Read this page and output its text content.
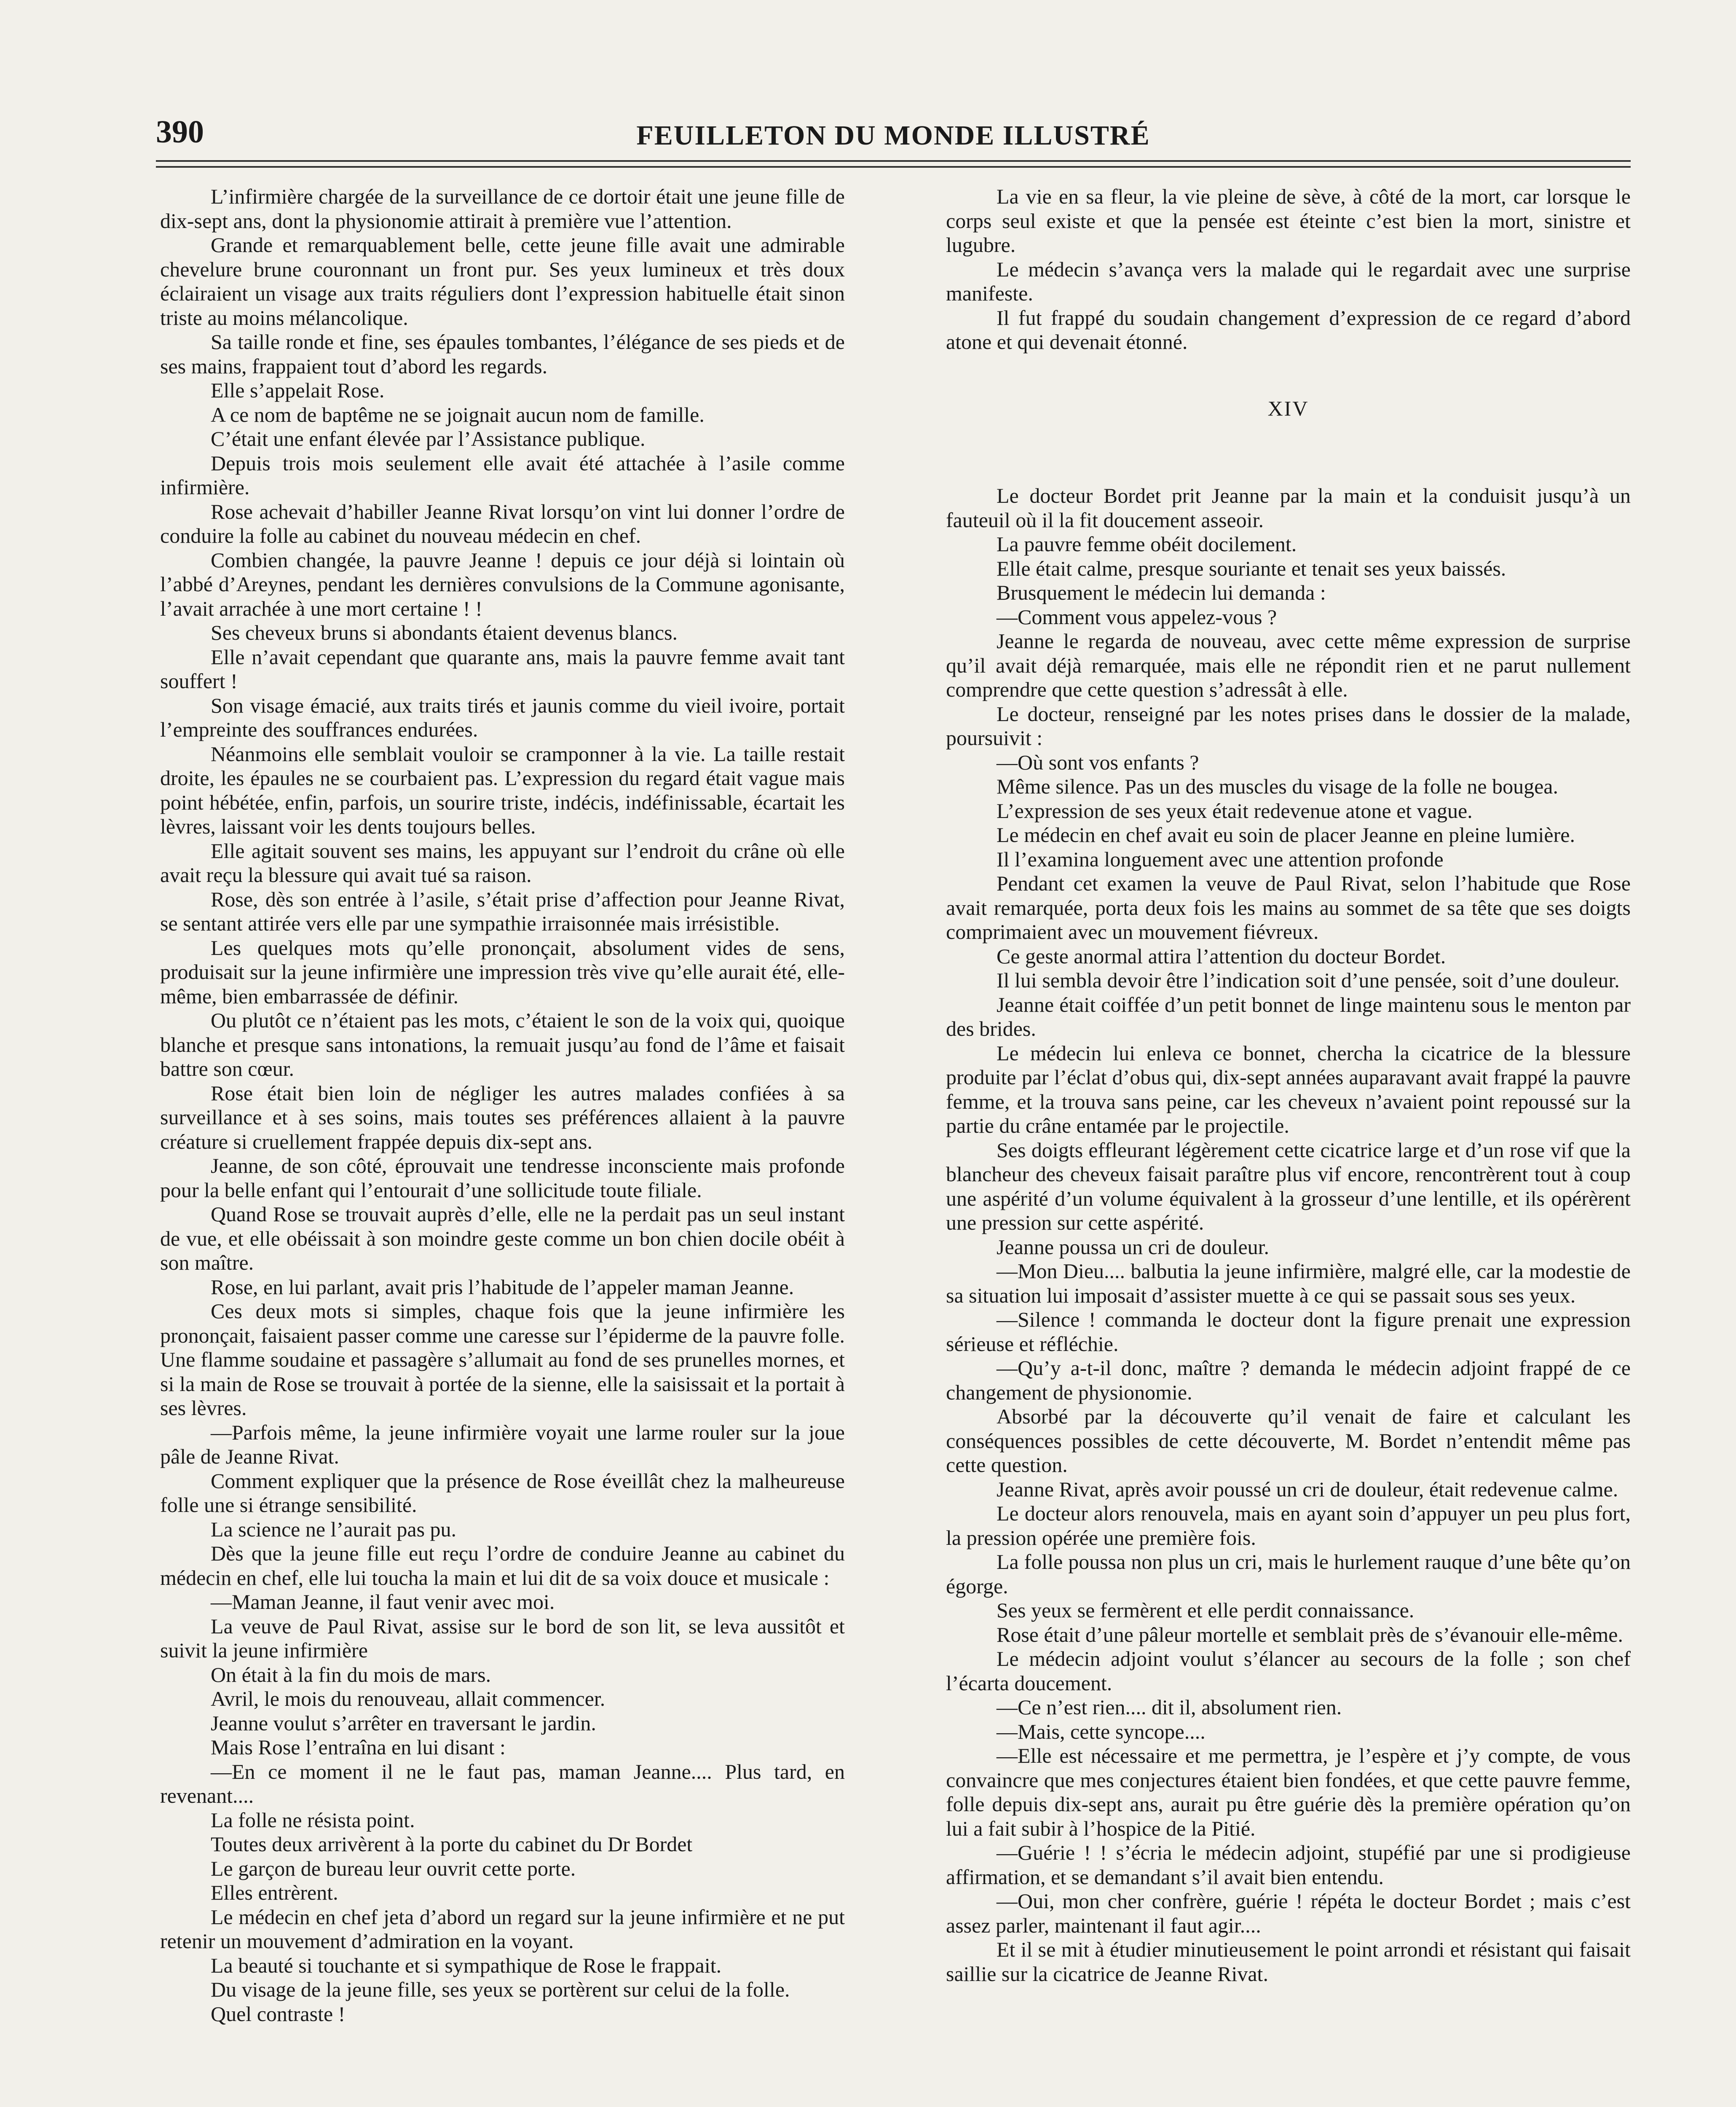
390	FEUILLETON DU MONDE ILLUSTRÉ

L’infirmière chargée de la surveillance de ce dortoir était une jeune fille de dix-sept ans, dont la physionomie attirait à première vue l’attention.

Grande et remarquablement belle, cette jeune fille avait une admirable chevelure brune couronnant un front pur. Ses yeux lumineux et très doux éclairaient un visage aux traits réguliers dont l’expression habituelle était sinon triste au moins mélancolique.

Sa taille ronde et fine, ses épaules tombantes, l’élégance de ses pieds et de ses mains, frappaient tout d’abord les regards.

Elle s’appelait Rose.

A ce nom de baptême ne se joignait aucun nom de famille.

C’était une enfant élevée par l’Assistance publique.

Depuis trois mois seulement elle avait été attachée à l’asile comme infirmière.

Rose achevait d’habiller Jeanne Rivat lorsqu’on vint lui donner l’ordre de conduire la folle au cabinet du nouveau médecin en chef.

Combien changée, la pauvre Jeanne ! depuis ce jour déjà si lointain où l’abbé d’Areynes, pendant les dernières convulsions de la Commune agonisante, l’avait arrachée à une mort certaine ! !

Ses cheveux bruns si abondants étaient devenus blancs.

Elle n’avait cependant que quarante ans, mais la pauvre femme avait tant souffert !

Son visage émacié, aux traits tirés et jaunis comme du vieil ivoire, portait l’empreinte des souffrances endurées.

Néanmoins elle semblait vouloir se cramponner à la vie. La taille restait droite, les épaules ne se courbaient pas. L’expression du regard était vague mais point hébétée, enfin, parfois, un sourire triste, indécis, indéfinissable, écartait les lèvres, laissant voir les dents toujours belles.

Elle agitait souvent ses mains, les appuyant sur l’endroit du crâne où elle avait reçu la blessure qui avait tué sa raison.

Rose, dès son entrée à l’asile, s’était prise d’affection pour Jeanne Rivat, se sentant attirée vers elle par une sympathie irraisonnée mais irrésistible.

Les quelques mots qu’elle prononçait, absolument vides de sens, produisait sur la jeune infirmière une impression très vive qu’elle aurait été, elle-même, bien embarrassée de définir.

Ou plutôt ce n’étaient pas les mots, c’étaient le son de la voix qui, quoique blanche et presque sans intonations, la remuait jusqu’au fond de l’âme et faisait battre son cœur.

Rose était bien loin de négliger les autres malades confiées à sa surveillance et à ses soins, mais toutes ses préférences allaient à la pauvre créature si cruellement frappée depuis dix-sept ans.

Jeanne, de son côté, éprouvait une tendresse inconsciente mais profonde pour la belle enfant qui l’entourait d’une sollicitude toute filiale.

Quand Rose se trouvait auprès d’elle, elle ne la perdait pas un seul instant de vue, et elle obéissait à son moindre geste comme un bon chien docile obéit à son maître.

Rose, en lui parlant, avait pris l’habitude de l’appeler maman Jeanne.

Ces deux mots si simples, chaque fois que la jeune infirmière les prononçait, faisaient passer comme une caresse sur l’épiderme de la pauvre folle. Une flamme soudaine et passagère s’allumait au fond de ses prunelles mornes, et si la main de Rose se trouvait à portée de la sienne, elle la saisissait et la portait à ses lèvres.

—Parfois même, la jeune infirmière voyait une larme rouler sur la joue pâle de Jeanne Rivat.

Comment expliquer que la présence de Rose éveillât chez la malheureuse folle une si étrange sensibilité.

La science ne l’aurait pas pu.

Dès que la jeune fille eut reçu l’ordre de conduire Jeanne au cabinet du médecin en chef, elle lui toucha la main et lui dit de sa voix douce et musicale :

—Maman Jeanne, il faut venir avec moi.

La veuve de Paul Rivat, assise sur le bord de son lit, se leva aussitôt et suivit la jeune infirmière

On était à la fin du mois de mars.

Avril, le mois du renouveau, allait commencer.

Jeanne voulut s’arrêter en traversant le jardin.

Mais Rose l’entraîna en lui disant :

—En ce moment il ne le faut pas, maman Jeanne.... Plus tard, en revenant....

La folle ne résista point.

Toutes deux arrivèrent à la porte du cabinet du Dr Bordet

Le garçon de bureau leur ouvrit cette porte.

Elles entrèrent.

Le médecin en chef jeta d’abord un regard sur la jeune infirmière et ne put retenir un mouvement d’admiration en la voyant.

La beauté si touchante et si sympathique de Rose le frappait.

Du visage de la jeune fille, ses yeux se portèrent sur celui de la folle.

Quel contraste !

La vie en sa fleur, la vie pleine de sève, à côté de la mort, car lorsque le corps seul existe et que la pensée est éteinte c’est bien la mort, sinistre et lugubre.

Le médecin s’avança vers la malade qui le regardait avec une surprise manifeste.

Il fut frappé du soudain changement d’expression de ce regard d’abord atone et qui devenait étonné.

XIV

Le docteur Bordet prit Jeanne par la main et la conduisit jusqu’à un fauteuil où il la fit doucement asseoir.

La pauvre femme obéit docilement.

Elle était calme, presque souriante et tenait ses yeux baissés.

Brusquement le médecin lui demanda :

—Comment vous appelez-vous ?

Jeanne le regarda de nouveau, avec cette même expression de surprise qu’il avait déjà remarquée, mais elle ne répondit rien et ne parut nullement comprendre que cette question s’adressât à elle.

Le docteur, renseigné par les notes prises dans le dossier de la malade, poursuivit :

—Où sont vos enfants ?

Même silence. Pas un des muscles du visage de la folle ne bougea.

L’expression de ses yeux était redevenue atone et vague.

Le médecin en chef avait eu soin de placer Jeanne en pleine lumière.

Il l’examina longuement avec une attention profonde

Pendant cet examen la veuve de Paul Rivat, selon l’habitude que Rose avait remarquée, porta deux fois les mains au sommet de sa tête que ses doigts comprimaient avec un mouvement fiévreux.

Ce geste anormal attira l’attention du docteur Bordet.

Il lui sembla devoir être l’indication soit d’une pensée, soit d’une douleur.

Jeanne était coiffée d’un petit bonnet de linge maintenu sous le menton par des brides.

Le médecin lui enleva ce bonnet, chercha la cicatrice de la blessure produite par l’éclat d’obus qui, dix-sept années auparavant avait frappé la pauvre femme, et la trouva sans peine, car les cheveux n’avaient point repoussé sur la partie du crâne entamée par le projectile.

Ses doigts effleurant légèrement cette cicatrice large et d’un rose vif que la blancheur des cheveux faisait paraître plus vif encore, rencontrèrent tout à coup une aspérité d’un volume équivalent à la grosseur d’une lentille, et ils opérèrent une pression sur cette aspérité.

Jeanne poussa un cri de douleur.

—Mon Dieu.... balbutia la jeune infirmière, malgré elle, car la modestie de sa situation lui imposait d’assister muette à ce qui se passait sous ses yeux.

—Silence ! commanda le docteur dont la figure prenait une expression sérieuse et réfléchie.

—Qu’y a-t-il donc, maître ? demanda le médecin adjoint frappé de ce changement de physionomie.

Absorbé par la découverte qu’il venait de faire et calculant les conséquences possibles de cette découverte, M. Bordet n’entendit même pas cette question.

Jeanne Rivat, après avoir poussé un cri de douleur, était redevenue calme.

Le docteur alors renouvela, mais en ayant soin d’appuyer un peu plus fort, la pression opérée une première fois.

La folle poussa non plus un cri, mais le hurlement rauque d’une bête qu’on égorge.

Ses yeux se fermèrent et elle perdit connaissance.

Rose était d’une pâleur mortelle et semblait près de s’évanouir elle-même.

Le médecin adjoint voulut s’élancer au secours de la folle ; son chef l’écarta doucement.

—Ce n’est rien.... dit il, absolument rien.

—Mais, cette syncope....

—Elle est nécessaire et me permettra, je l’espère et j’y compte, de vous convaincre que mes conjectures étaient bien fondées, et que cette pauvre femme, folle depuis dix-sept ans, aurait pu être guérie dès la première opération qu’on lui a fait subir à l’hospice de la Pitié.

—Guérie ! ! s’écria le médecin adjoint, stupéfié par une si prodigieuse affirmation, et se demandant s’il avait bien entendu.

—Oui, mon cher confrère, guérie ! répéta le docteur Bordet ; mais c’est assez parler, maintenant il faut agir....

Et il se mit à étudier minutieusement le point arrondi et résistant qui faisait saillie sur la cicatrice de Jeanne Rivat.
